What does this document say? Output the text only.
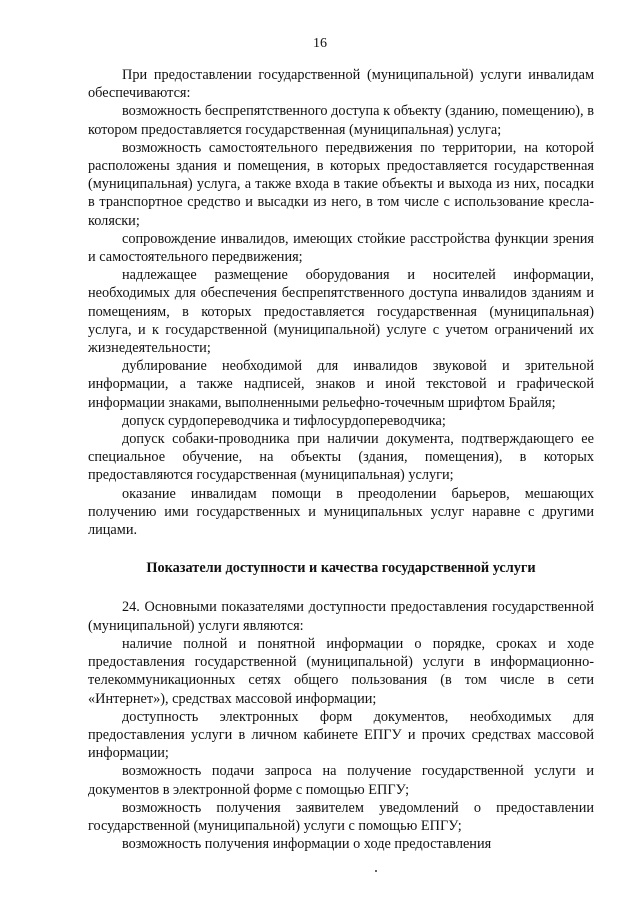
16

При предоставлении государственной (муниципальной) услуги инвалидам обеспечиваются:

возможность беспрепятственного доступа к объекту (зданию, помещению), в котором предоставляется государственная (муниципальная) услуга;

возможность самостоятельного передвижения по территории, на которой расположены здания и помещения, в которых предоставляется государственная (муниципальная) услуга, а также входа в такие объекты и выхода из них, посадки в транспортное средство и высадки из него, в том числе с использование кресла-коляски;

сопровождение инвалидов, имеющих стойкие расстройства функции зрения и самостоятельного передвижения;

надлежащее размещение оборудования и носителей информации, необходимых для обеспечения беспрепятственного доступа инвалидов зданиям и помещениям, в которых предоставляется государственная (муниципальная) услуга, и к государственной (муниципальной) услуге с учетом ограничений их жизнедеятельности;

дублирование необходимой для инвалидов звуковой и зрительной информации, а также надписей, знаков и иной текстовой и графической информации знаками, выполненными рельефно-точечным шрифтом Брайля;

допуск сурдопереводчика и тифлосурдопереводчика;

допуск собаки-проводника при наличии документа, подтверждающего ее специальное обучение, на объекты (здания, помещения), в которых предоставляются государственная (муниципальная) услуги;

оказание инвалидам помощи в преодолении барьеров, мешающих получению ими государственных и муниципальных услуг наравне с другими лицами.

Показатели доступности и качества государственной услуги

24. Основными показателями доступности предоставления государственной (муниципальной) услуги являются:

наличие полной и понятной информации о порядке, сроках и ходе предоставления государственной (муниципальной) услуги в информационно-телекоммуникационных сетях общего пользования (в том числе в сети «Интернет»), средствах массовой информации;

доступность электронных форм документов, необходимых для предоставления услуги в личном кабинете ЕПГУ и прочих средствах массовой информации;

возможность подачи запроса на получение государственной услуги и документов в электронной форме с помощью ЕПГУ;

возможность получения заявителем уведомлений о предоставлении государственной (муниципальной) услуги с помощью ЕПГУ;

возможность получения информации о ходе предоставления
